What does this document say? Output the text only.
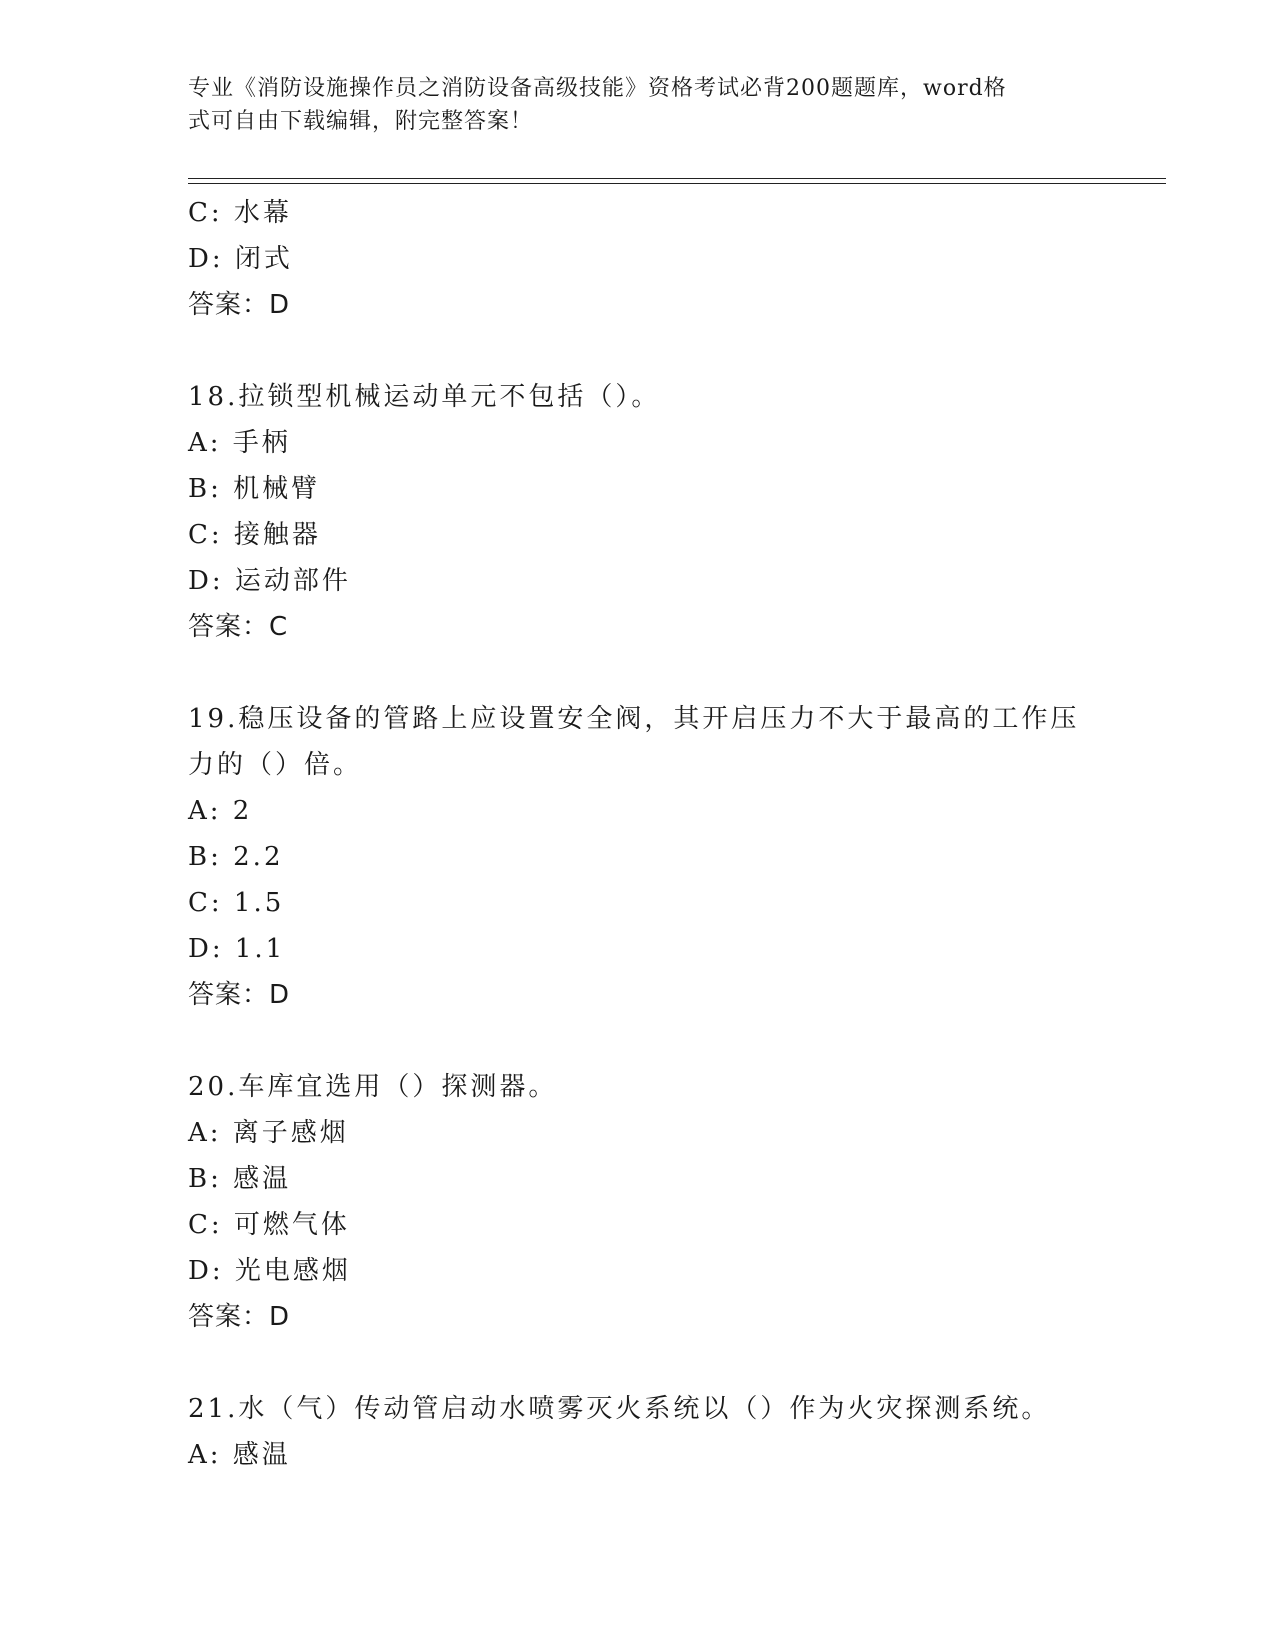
专业《消防设施操作员之消防设备高级技能》资格考试必背200题题库，word格
式可自由下载编辑，附完整答案！
C: 水幕
D: 闭式
答案：D
18.拉锁型机械运动单元不包括（）。
A: 手柄
B: 机械臂
C: 接触器
D: 运动部件
答案：C
19.稳压设备的管路上应设置安全阀，其开启压力不大于最高的工作压
力的（）倍。
A: 2
B: 2.2
C: 1.5
D: 1.1
答案：D
20.车库宜选用（）探测器。
A: 离子感烟
B: 感温
C: 可燃气体
D: 光电感烟
答案：D
21.水（气）传动管启动水喷雾灭火系统以（）作为火灾探测系统。
A: 感温
